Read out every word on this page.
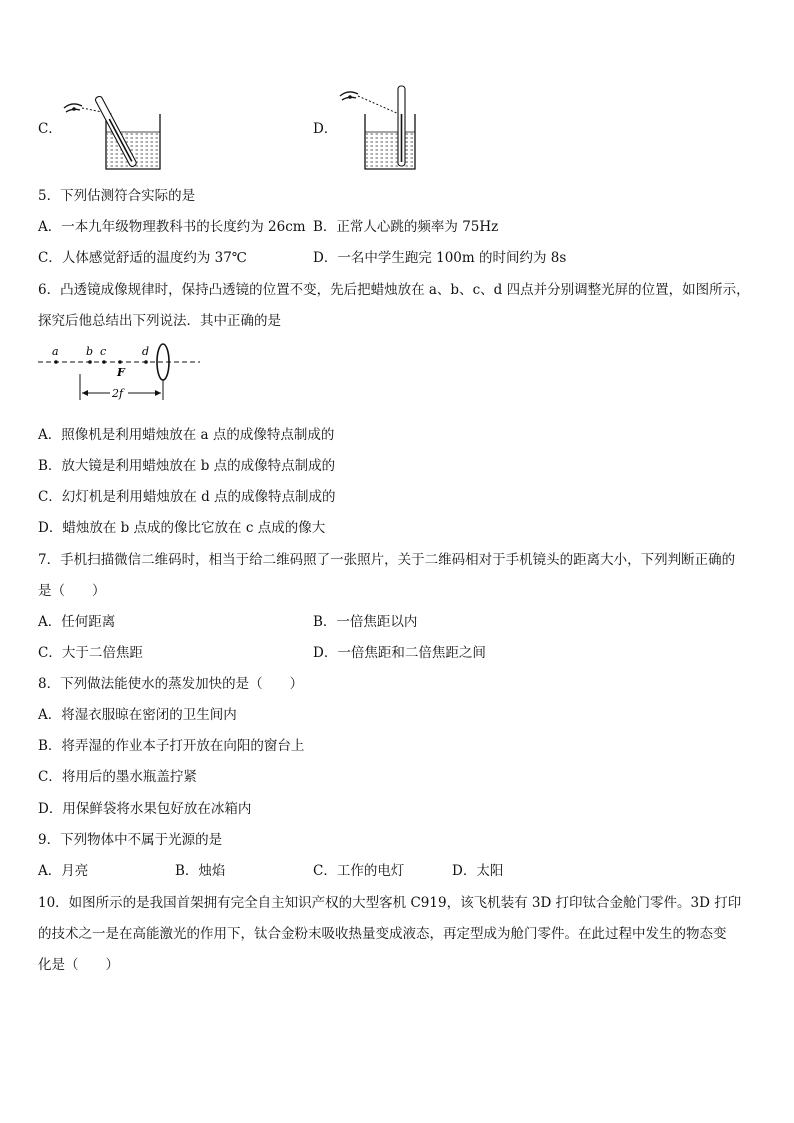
C．	D．
5．下列估测符合实际的是
A．一本九年级物理教科书的长度约为 26cm B．正常人心跳的频率为 75Hz
C．人体感觉舒适的温度约为 37℃	D．一名中学生跑完 100m 的时间约为 8s
6．凸透镜成像规律时，保持凸透镜的位置不变，先后把蜡烛放在 a、b、c、d 四点并分别调整光屏的位置，如图所示，
探究后他总结出下列说法．其中正确的是
a b c	d
F
2f
A．照像机是利用蜡烛放在 a 点的成像特点制成的
B．放大镜是利用蜡烛放在 b 点的成像特点制成的
C．幻灯机是利用蜡烛放在 d 点的成像特点制成的
D．蜡烛放在 b 点成的像比它放在 c 点成的像大
7．手机扫描微信二维码时，相当于给二维码照了一张照片，关于二维码相对于手机镜头的距离大小，下列判断正确的
是（　　）
A．任何距离	B．一倍焦距以内
C．大于二倍焦距	D．一倍焦距和二倍焦距之间
8．下列做法能使水的蒸发加快的是（　　）
A．将湿衣服晾在密闭的卫生间内
B．将弄湿的作业本子打开放在向阳的窗台上
C．将用后的墨水瓶盖拧紧
D．用保鲜袋将水果包好放在冰箱内
9．下列物体中不属于光源的是
A．月亮	B．烛焰	C．工作的电灯	D．太阳
10．如图所示的是我国首架拥有完全自主知识产权的大型客机 C919，该飞机装有 3D 打印钛合金舱门零件。3D 打印
的技术之一是在高能激光的作用下，钛合金粉末吸收热量变成液态，再定型成为舱门零件。在此过程中发生的物态变
化是（　　）
